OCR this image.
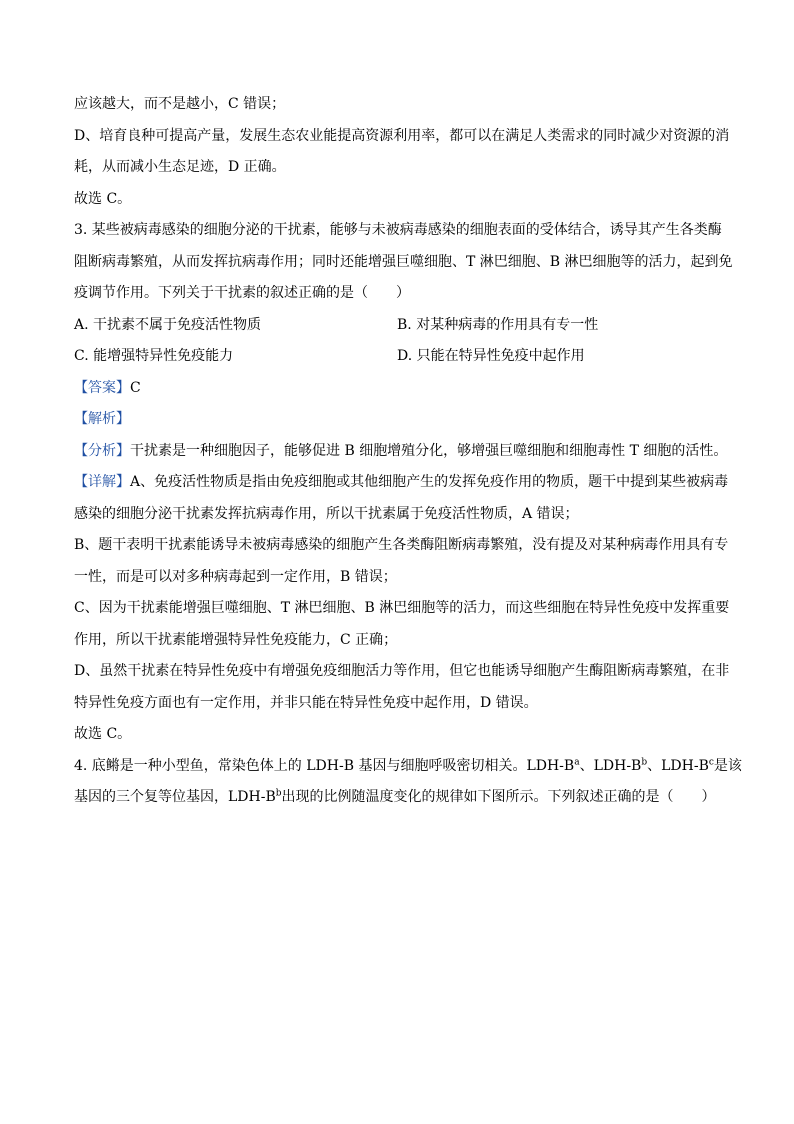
应该越大，而不是越小，C 错误；
D、培育良种可提高产量，发展生态农业能提高资源利用率，都可以在满足人类需求的同时减少对资源的消
耗，从而减小生态足迹，D 正确。
故选 C。
3. 某些被病毒感染的细胞分泌的干扰素，能够与未被病毒感染的细胞表面的受体结合，诱导其产生各类酶
阻断病毒繁殖，从而发挥抗病毒作用；同时还能增强巨噬细胞、T 淋巴细胞、B 淋巴细胞等的活力，起到免
疫调节作用。下列关于干扰素的叙述正确的是（　　）
A. 干扰素不属于免疫活性物质	B. 对某种病毒的作用具有专一性
C. 能增强特异性免疫能力	D. 只能在特异性免疫中起作用
【答案】C
【解析】
【分析】干扰素是一种细胞因子，能够促进 B 细胞增殖分化，够增强巨噬细胞和细胞毒性 T 细胞的活性。
【详解】A、免疫活性物质是指由免疫细胞或其他细胞产生的发挥免疫作用的物质，题干中提到某些被病毒
感染的细胞分泌干扰素发挥抗病毒作用，所以干扰素属于免疫活性物质，A 错误；
B、题干表明干扰素能诱导未被病毒感染的细胞产生各类酶阻断病毒繁殖，没有提及对某种病毒作用具有专
一性，而是可以对多种病毒起到一定作用，B 错误；
C、因为干扰素能增强巨噬细胞、T 淋巴细胞、B 淋巴细胞等的活力，而这些细胞在特异性免疫中发挥重要
作用，所以干扰素能增强特异性免疫能力，C 正确；
D、虽然干扰素在特异性免疫中有增强免疫细胞活力等作用，但它也能诱导细胞产生酶阻断病毒繁殖，在非
特异性免疫方面也有一定作用，并非只能在特异性免疫中起作用，D 错误。
故选 C。
4. 底鳉是一种小型鱼，常染色体上的 LDH-B 基因与细胞呼吸密切相关。LDH-$B^a$、LDH-$B^b$、LDH-$B^c$是该
基因的三个复等位基因，LDH-$B^b$出现的比例随温度变化的规律如下图所示。下列叙述正确的是（　　）
